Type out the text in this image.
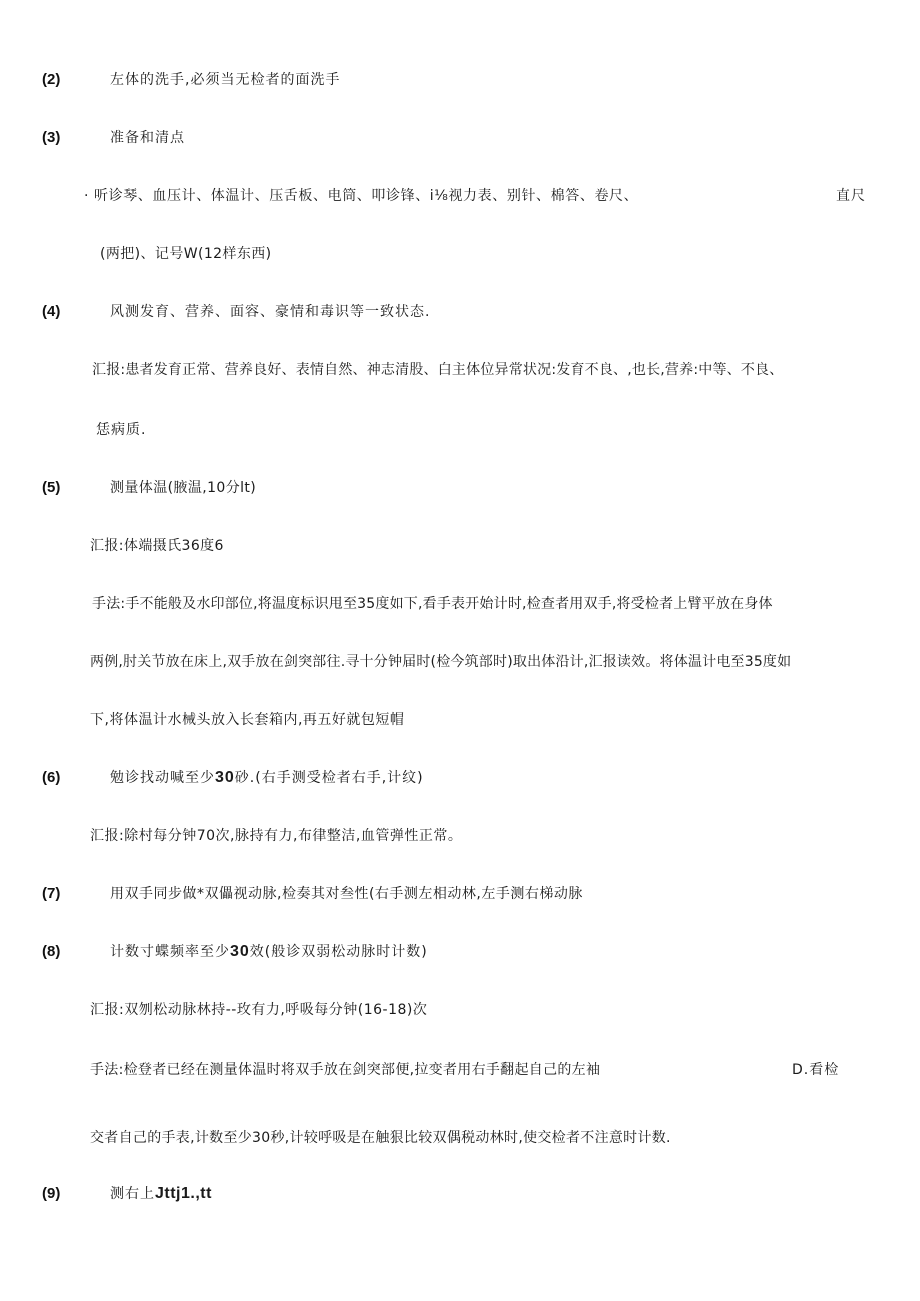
(2)	左体的洗手,必须当无检者的面洗手
(3)	准备和清点
· 听诊琴、血压计、体温计、压舌板、电筒、叩诊锋、i⅛视力表、别针、棉答、卷尺、	直尺
(两把)、记号W(12样东西)
(4)	风测发育、营养、面容、豪情和毒识等一致状态.
汇报:患者发育正常、营养良好、表情自然、神志清股、白主体位异常状况:发育不良、,也长,营养:中等、不良、
恁病质.
(5)	测量体温(腋温,10分lt)
汇报:体端摄氏36度6
手法:手不能般及水印部位,将温度标识甩至35度如下,看手表开始计时,检查者用双手,将受检者上臂平放在身体
两例,肘关节放在床上,双手放在剑突部往.寻十分钟届时(检今筑部时)取出体沿计,汇报读效。将体温计电至35度如
下,将体温计水械头放入长套箱内,再五好就包短帽
(6)	勉诊找动喊至少30砂.(右手测受检者右手,计纹)
汇报:除村每分钟70次,脉持有力,布律整洁,血管弹性正常。
(7)	用双手同步做*双儡视动脉,检奏其对叁性(右手测左相动林,左手测右梯动脉
(8)	计数寸蝶频率至少30效(般诊双弱松动脉时计数)
汇报:双刎松动脉林持--玫有力,呼吸每分钟(16-18)次
手法:检登者已经在测量体温时将双手放在剑突部便,拉变者用右手翻起自己的左袖	D.看检
交者自己的手表,计数至少30秒,计较呼吸是在触狠比较双偶税动林时,使交检者不注意时计数.
(9)	测右上Jttj1.,tt
